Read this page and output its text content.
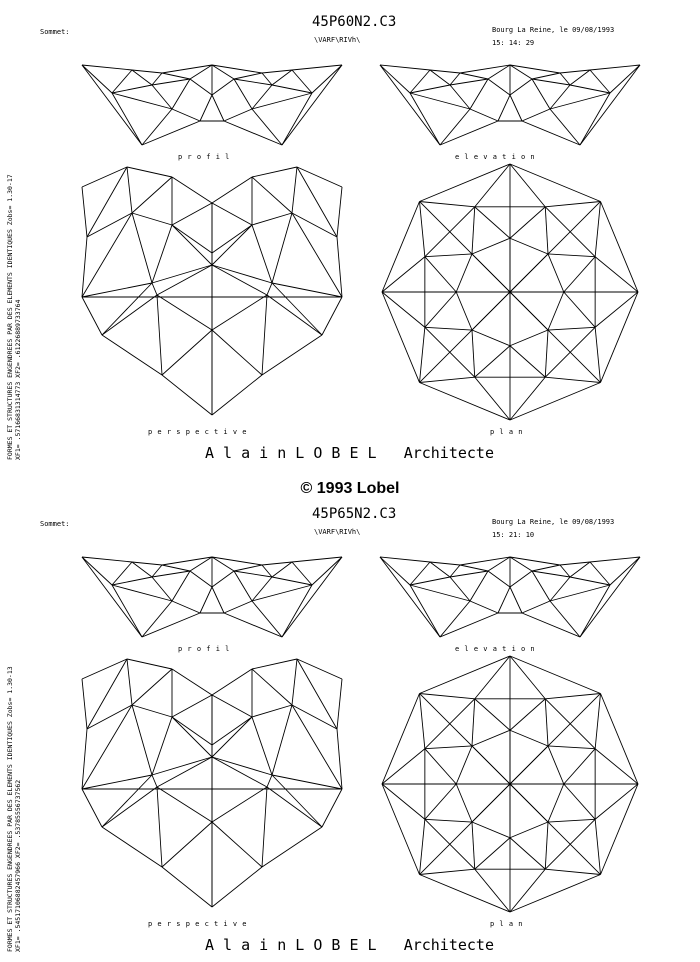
Sommet:
45P60N2.C3
\VARF\RIVh\
Bourg La Reine, le 09/08/1993
15: 14: 29
p r o f i l	e l e v a t i o n
p e r s p e c t i v e	p l a n
A l a i n L O B E L Architecte
FORMES ET STRUCTURES ENGENDREES PAR DES ELEMENTS IDENTIQUES Zobs= 1.30-17 XF1= .57166831314773 XF2= .61226889733764
© 1993 Lobel
Sommet:
45P65N2.C3
\VARF\RIVh\
Bourg La Reine, le 09/08/1993
15: 21: 10
p r o f i l	e l e v a t i o n
p e r s p e c t i v e	p l a n
A l a i n L O B E L Architecte
FORMES ET STRUCTURES ENGENDREES PAR DES ELEMENTS IDENTIQUES Zobs= 1.30-13 XF1= .54517106882457966 XF2= .53785556737562
